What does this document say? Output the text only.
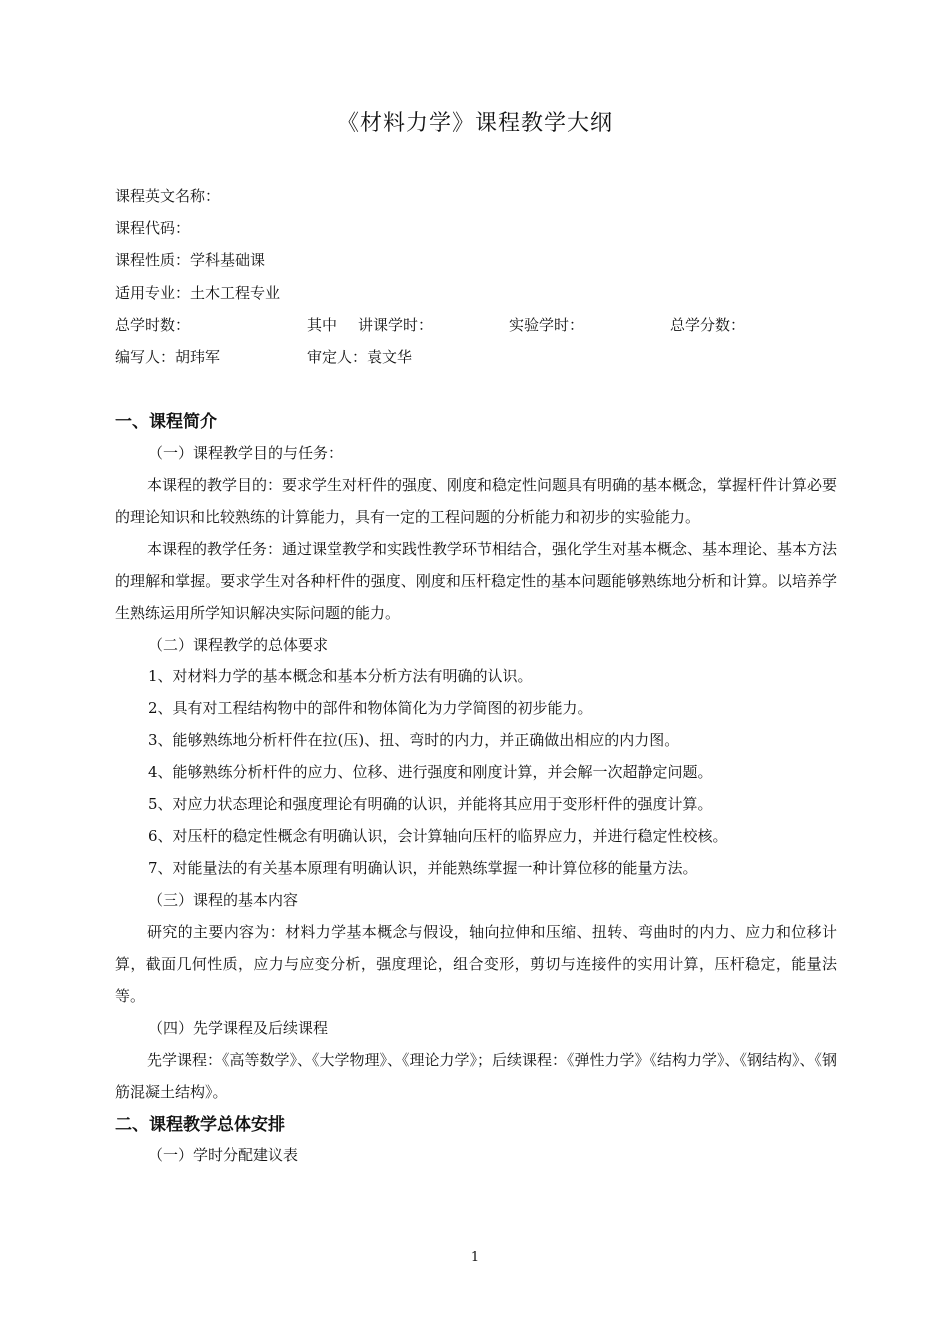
《材料力学》课程教学大纲
课程英文名称：
课程代码：
课程性质：学科基础课
适用专业：土木工程专业
总学时数：	其中 讲课学时：	实验学时：	总学分数：
编写人：胡玮军	审定人：袁文华
一、课程简介
（一）课程教学目的与任务：

本课程的教学目的：要求学生对杆件的强度、刚度和稳定性问题具有明确的基本概念，掌握杆件计算必要的理论知识和比较熟练的计算能力，具有一定的工程问题的分析能力和初步的实验能力。

本课程的教学任务：通过课堂教学和实践性教学环节相结合，强化学生对基本概念、基本理论、基本方法的理解和掌握。要求学生对各种杆件的强度、刚度和压杆稳定性的基本问题能够熟练地分析和计算。以培养学生熟练运用所学知识解决实际问题的能力。

（二）课程教学的总体要求
1、对材料力学的基本概念和基本分析方法有明确的认识。
2、具有对工程结构物中的部件和物体简化为力学简图的初步能力。
3、能够熟练地分析杆件在拉(压)、扭、弯时的内力，并正确做出相应的内力图。
4、能够熟练分析杆件的应力、位移、进行强度和刚度计算，并会解一次超静定问题。
5、对应力状态理论和强度理论有明确的认识，并能将其应用于变形杆件的强度计算。
6、对压杆的稳定性概念有明确认识，会计算轴向压杆的临界应力，并进行稳定性校核。
7、对能量法的有关基本原理有明确认识，并能熟练掌握一种计算位移的能量方法。
（三）课程的基本内容

研究的主要内容为：材料力学基本概念与假设，轴向拉伸和压缩、扭转、弯曲时的内力、应力和位移计算，截面几何性质，应力与应变分析，强度理论，组合变形，剪切与连接件的实用计算，压杆稳定，能量法等。

（四）先学课程及后续课程

先学课程：《高等数学》、《大学物理》、《理论力学》；后续课程：《弹性力学》《结构力学》、《钢结构》、《钢筋混凝土结构》。

二、课程教学总体安排
（一）学时分配建议表
1
